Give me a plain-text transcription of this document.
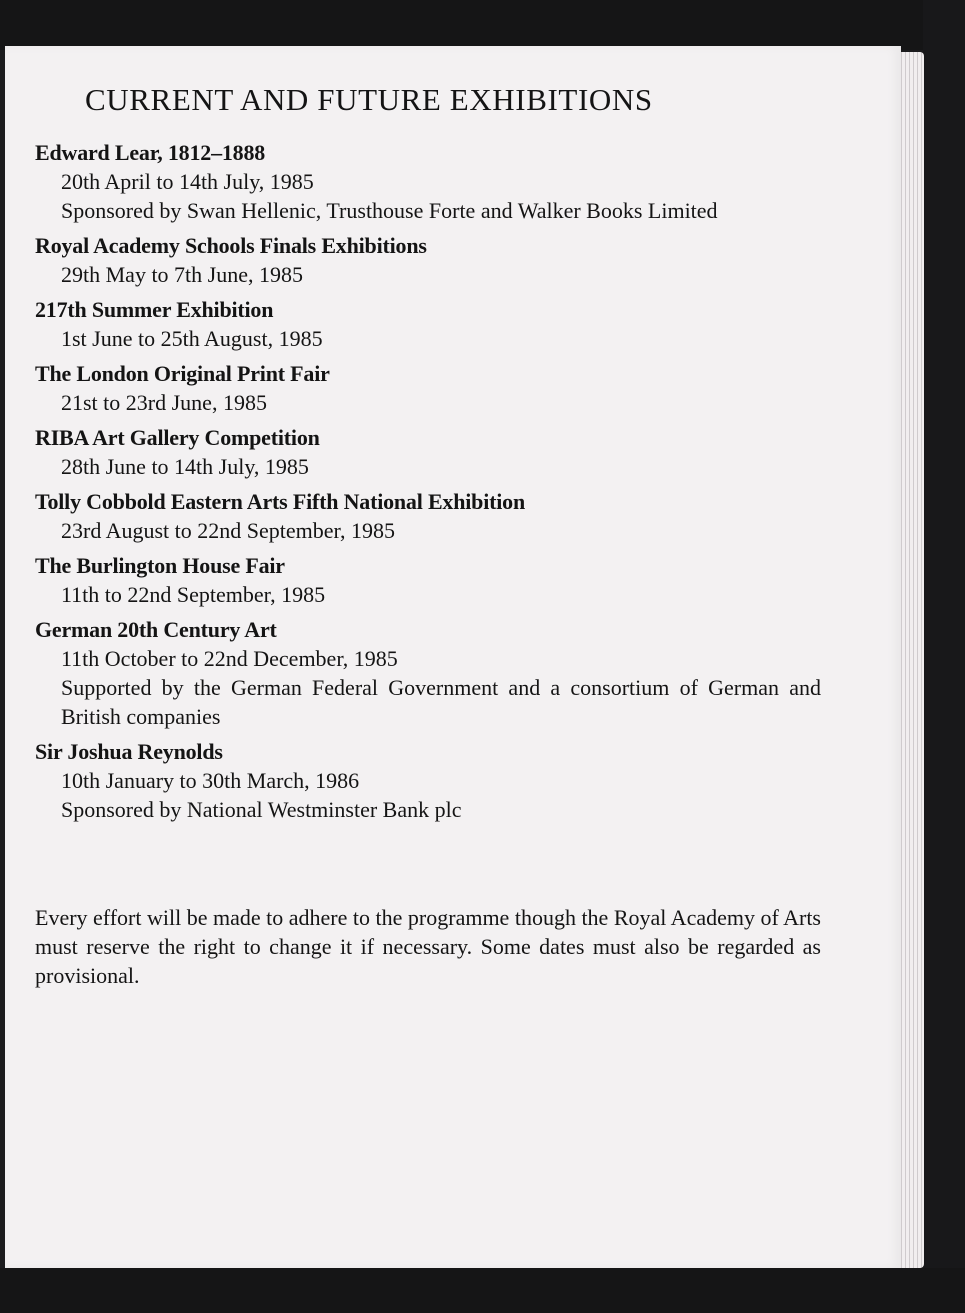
CURRENT AND FUTURE EXHIBITIONS

Edward Lear, 1812–1888

20th April to 14th July, 1985

Sponsored by Swan Hellenic, Trusthouse Forte and Walker Books Limited

Royal Academy Schools Finals Exhibitions

29th May to 7th June, 1985

217th Summer Exhibition

1st June to 25th August, 1985

The London Original Print Fair

21st to 23rd June, 1985

RIBA Art Gallery Competition

28th June to 14th July, 1985

Tolly Cobbold Eastern Arts Fifth National Exhibition

23rd August to 22nd September, 1985

The Burlington House Fair

11th to 22nd September, 1985

German 20th Century Art

11th October to 22nd December, 1985

Supported by the German Federal Government and a consortium of German and British companies

Sir Joshua Reynolds

10th January to 30th March, 1986

Sponsored by National Westminster Bank plc

Every effort will be made to adhere to the programme though the Royal Academy of Arts must reserve the right to change it if necessary. Some dates must also be regarded as provisional.
